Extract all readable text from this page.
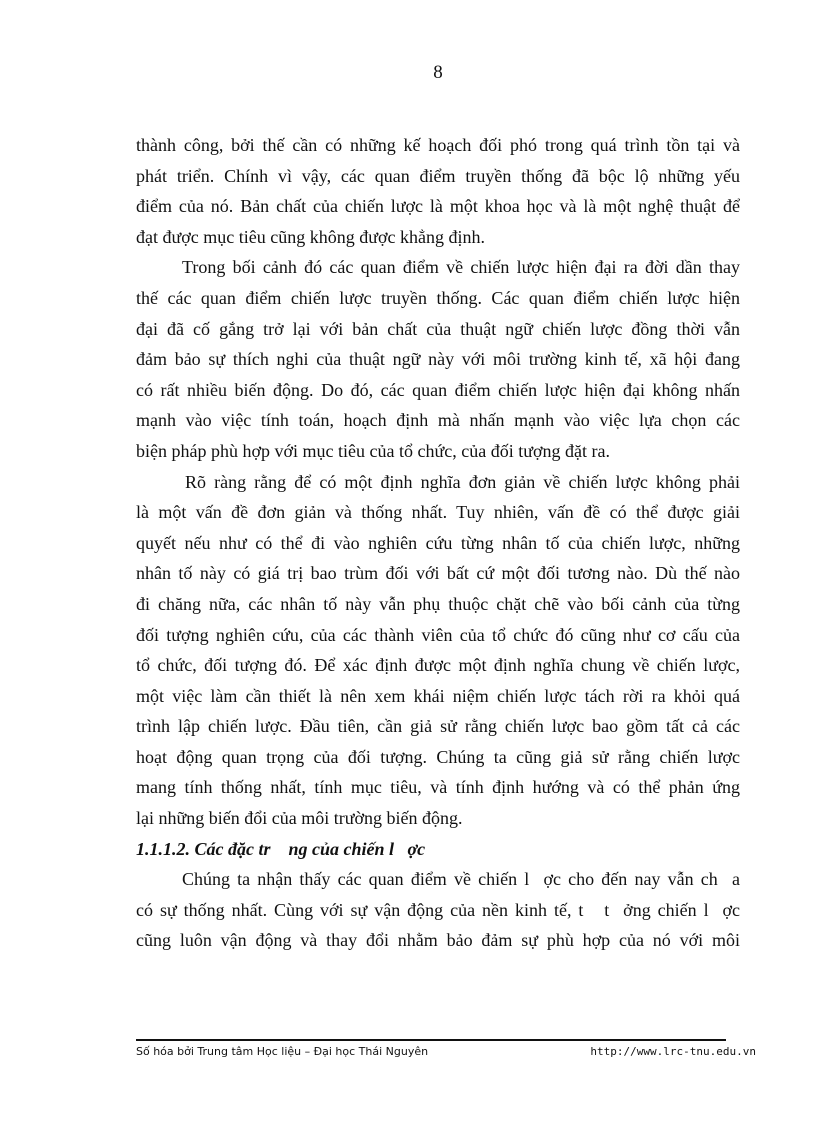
8
thành công, bởi thế cần có những kế hoạch đối phó trong quá trình tồn tại và
phát triển. Chính vì vậy, các quan điểm truyền thống đã bộc lộ những yếu
điểm của nó. Bản chất của chiến lược là một khoa học và là một nghệ thuật để
đạt được mục tiêu cũng không được khẳng định.
Trong bối cảnh đó các quan điểm về chiến lược hiện đại ra đời dần thay
thế các quan điểm chiến lược truyền thống. Các quan điểm chiến lược hiện
đại đã cố gắng trở lại với bản chất của thuật ngữ chiến lược đồng thời vẫn
đảm bảo sự thích nghi của thuật ngữ này với môi trường kinh tế, xã hội đang
có rất nhiều biến động. Do đó, các quan điểm chiến lược hiện đại không nhấn
mạnh vào việc tính toán, hoạch định mà nhấn mạnh vào việc lựa chọn các
biện pháp phù hợp với mục tiêu của tổ chức, của đối tượng đặt ra.
Rõ ràng rằng để có một định nghĩa đơn giản về chiến lược không phải
là một vấn đề đơn giản và thống nhất. Tuy nhiên, vấn đề có thể được giải
quyết nếu như có thể đi vào nghiên cứu từng nhân tố của chiến lược, những
nhân tố này có giá trị bao trùm đối với bất cứ một đối tương nào. Dù thế nào
đi chăng nữa, các nhân tố này vẫn phụ thuộc chặt chẽ vào bối cảnh của từng
đối tượng nghiên cứu, của các thành viên của tổ chức đó cũng như cơ cấu của
tổ chức, đối tượng đó. Để xác định được một định nghĩa chung về chiến lược,
một việc làm cần thiết là nên xem khái niệm chiến lược tách rời ra khỏi quá
trình lập chiến lược. Đầu tiên, cần giả sử rằng chiến lược bao gồm tất cả các
hoạt động quan trọng của đối tượng. Chúng ta cũng giả sử rằng chiến lược
mang tính thống nhất, tính mục tiêu, và tính định hướng và có thể phản ứng
lại những biến đổi của môi trường biến động.
1.1.1.2. Các đặc tr    ng của chiến l   ợc
Chúng ta nhận thấy các quan điểm về chiến l  ợc cho đến nay vẫn ch  a
có sự thống nhất. Cùng với sự vận động của nền kinh tế, t   t  ởng chiến l  ợc
cũng luôn vận động và thay đổi nhằm bảo đảm sự phù hợp của nó với môi
Số hóa bởi Trung tâm Học liệu – Đại học Thái Nguyên	http://www.lrc-tnu.edu.vn
